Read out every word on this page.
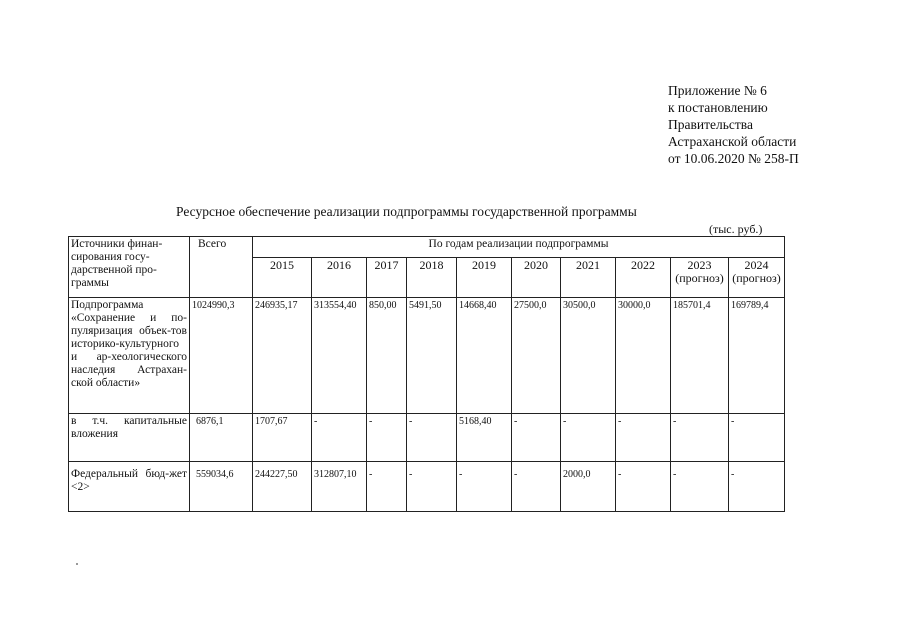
Приложение № 6
к постановлению
Правительства
Астраханской области
от 10.06.2020 № 258-П
Ресурсное обеспечение реализации подпрограммы государственной программы
(тыс. руб.)
Источники финан-сирования госу-дарственной про-граммы	Всего	По годам реализации подпрограммы									
		2015	2016	2017	2018	2019	2020	2021	2022	2023 (прогноз)	2024 (прогноз)
Подпрограмма «Сохранение и по-пуляризация объек-тов историко-культурного и ар-хеологического наследия Астрахан-ской области»	1024990,3	246935,17	313554,40	850,00	5491,50	14668,40	27500,0	30500,0	30000,0	185701,4	169789,4
в т.ч. капитальные вложения	6876,1	1707,67	-	-	-	5168,40	-	-	-	-	-
Федеральный бюд-жет <2>	559034,6	244227,50	312807,10	-	-	-	-	2000,0	-	-	-
